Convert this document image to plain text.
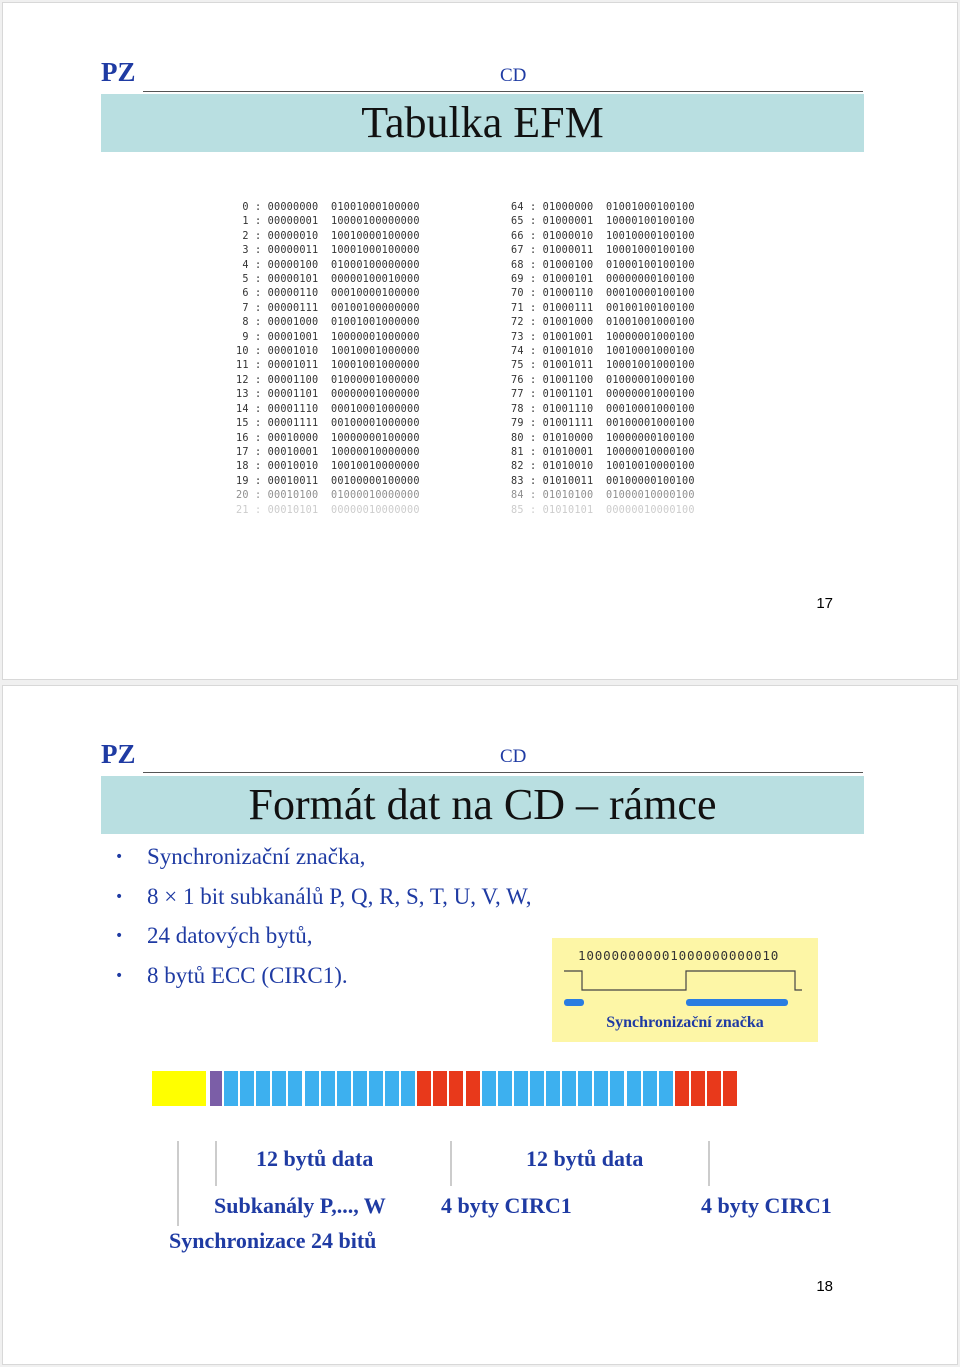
PZ	CD
Tabulka EFM
0 : 00000000  01001000100000
1 : 00000001  10000100000000
2 : 00000010  10010000100000
3 : 00000011  10001000100000
4 : 00000100  01000100000000
5 : 00000101  00000100010000
6 : 00000110  00010000100000
7 : 00000111  00100100000000
8 : 00001000  01001001000000
9 : 00001001  10000001000000
10 : 00001010  10010001000000
11 : 00001011  10001001000000
12 : 00001100  01000001000000
13 : 00001101  00000001000000
14 : 00001110  00010001000000
15 : 00001111  00100001000000
16 : 00010000  10000000100000
17 : 00010001  10000010000000
18 : 00010010  10010010000000
19 : 00010011  00100000100000
20 : 00010100  01000010000000
21 : 00010101  00000010000000
64 : 01000000  01001000100100
65 : 01000001  10000100100100
66 : 01000010  10010000100100
67 : 01000011  10001000100100
68 : 01000100  01000100100100
69 : 01000101  00000000100100
70 : 01000110  00010000100100
71 : 01000111  00100100100100
72 : 01001000  01001001000100
73 : 01001001  10000001000100
74 : 01001010  10010001000100
75 : 01001011  10001001000100
76 : 01001100  01000001000100
77 : 01001101  00000001000100
78 : 01001110  00010001000100
79 : 01001111  00100001000100
80 : 01010000  10000000100100
81 : 01010001  10000010000100
82 : 01010010  10010010000100
83 : 01010011  00100000100100
84 : 01010100  01000010000100
85 : 01010101  00000010000100
17
PZ	CD
Formát dat na CD – rámce
• Synchronizační značka,
• 8 × 1 bit subkanálů P, Q, R, S, T, U, V, W,
• 24 datových bytů,
• 8 bytů ECC (CIRC1).
100000000001000000000010
Synchronizační značka
12 bytů data	12 bytů data
Subkanály P,..., W	4 byty CIRC1	4 byty CIRC1
Synchronizace 24 bitů
18
